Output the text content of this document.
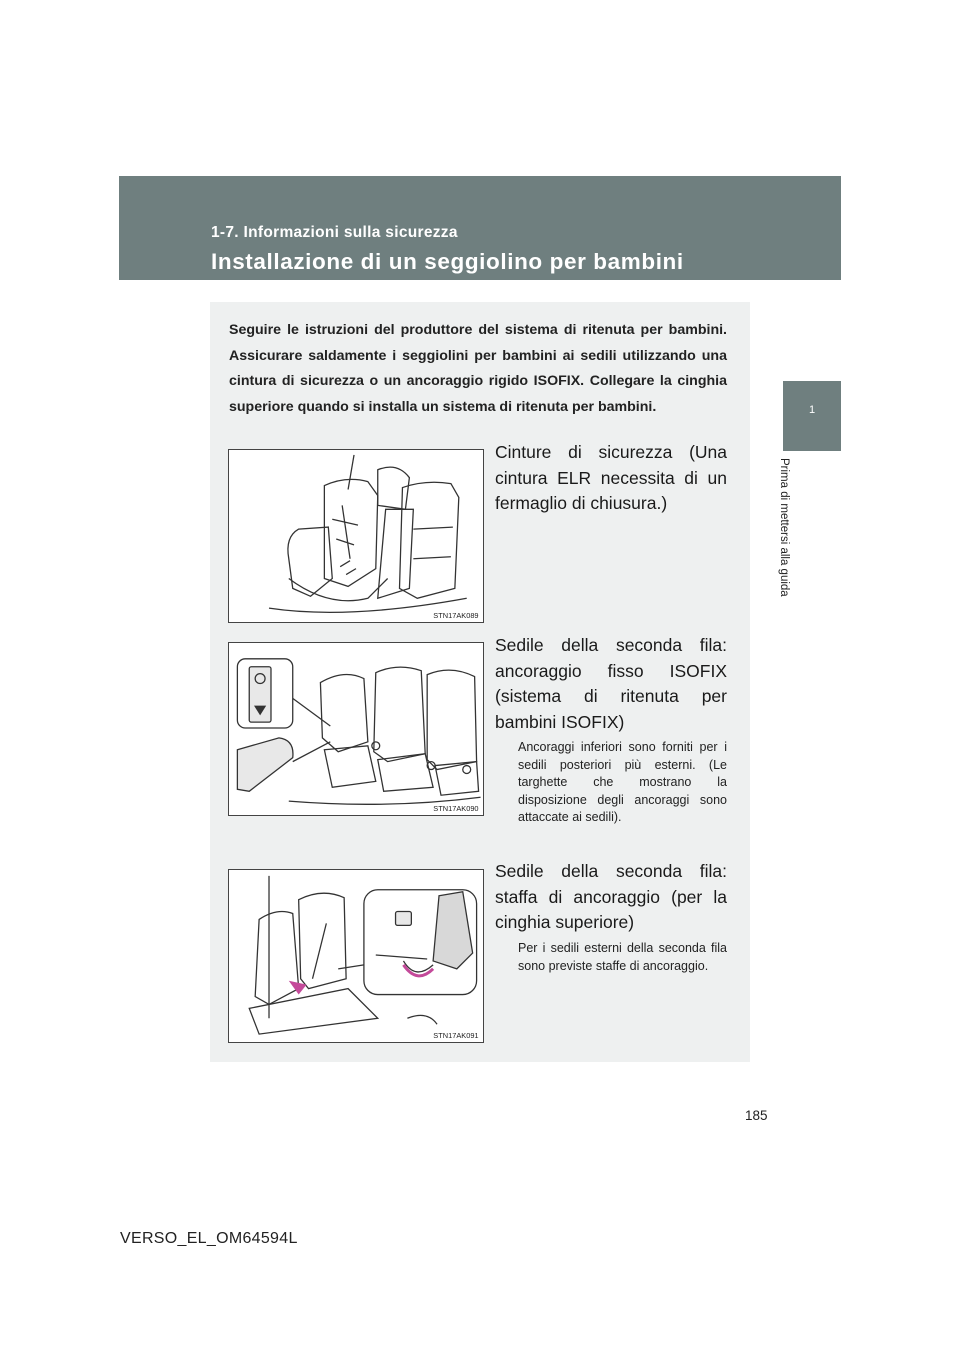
1-7. Informazioni sulla sicurezza
Installazione di un seggiolino per bambini
1
Prima di mettersi alla guida
Seguire le istruzioni del produttore del sistema di ritenuta per bambini. Assicurare saldamente i seggiolini per bambini ai sedili utilizzando una cintura di sicurezza o un ancoraggio rigido ISOFIX. Collegare la cinghia superiore quando si installa un sistema di ritenuta per bambini.
STN17AK089
Cinture di sicurezza (Una cintura ELR necessita di un fermaglio di chiusura.)
STN17AK090
Sedile della seconda fila: ancoraggio fisso ISOFIX (sistema di ritenuta per bambini ISOFIX)
Ancoraggi inferiori sono forniti per i sedili posteriori più esterni. (Le targhette che mostrano la disposizione degli ancoraggi sono attaccate ai sedili).
STN17AK091
Sedile della seconda fila: staffa di ancoraggio (per la cinghia superiore)
Per i sedili esterni della seconda fila sono previste staffe di ancoraggio.
185
VERSO_EL_OM64594L
